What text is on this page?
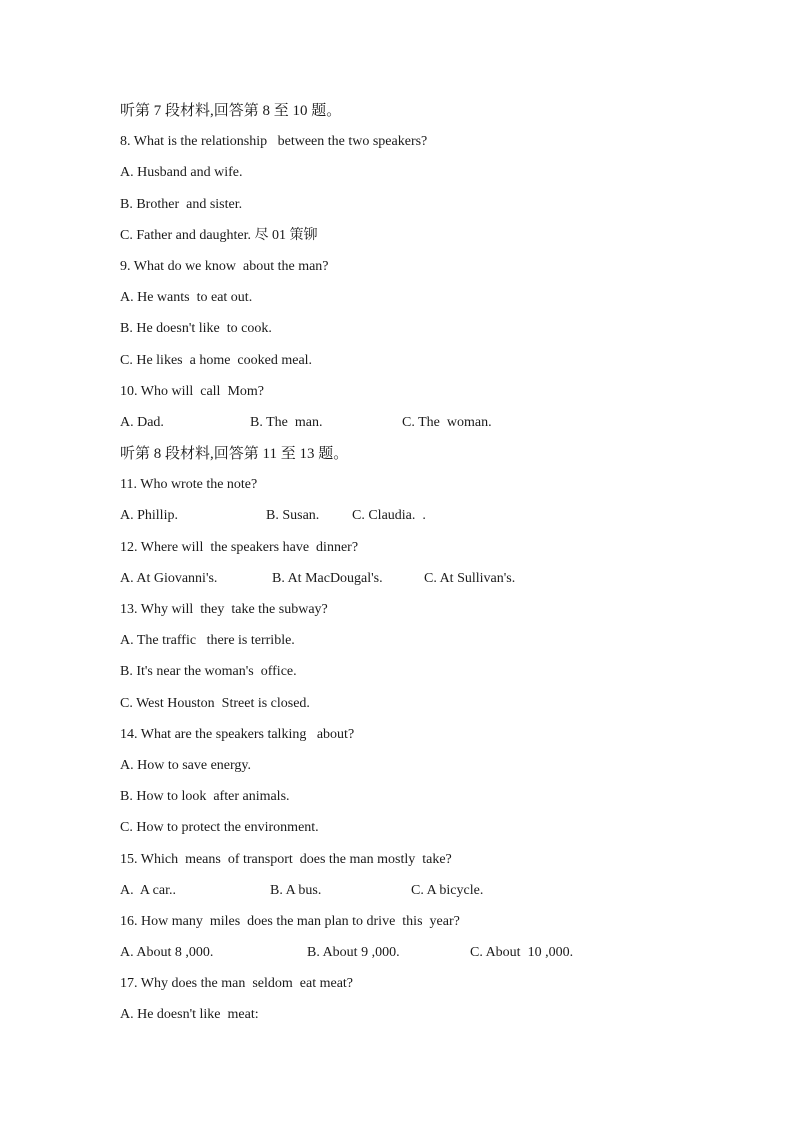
听第 7 段材料,回答第 8 至 10 题。
8. What is the relationship   between the two speakers?
A. Husband and wife.
B. Brother  and sister.
C. Father and daughter. 尽 01 策铆
9. What do we know  about the man?
A. He wants  to eat out.
B. He doesn't like  to cook.
C. He likes  a home  cooked meal.
10. Who will  call  Mom?
A. Dad.	B. The  man.	C. The  woman.
听第 8 段材料,回答第 11 至 13 题。
11. Who wrote the note?
A. Phillip.	B. Susan.	C. Claudia.  .
12. Where will  the speakers have  dinner?
A. At Giovanni's.	B. At MacDougal's.	C. At Sullivan's.
13. Why will  they  take the subway?
A. The traffic   there is terrible.
B. It's near the woman's  office.
C. West Houston  Street is closed.
14. What are the speakers talking   about?
A. How to save energy.
B. How to look  after animals.
C. How to protect the environment.
15. Which  means  of transport  does the man mostly  take?
A.  A car..	B. A bus.	C. A bicycle.
16. How many  miles  does the man plan to drive  this  year?
A. About 8 ,000.	B. About 9 ,000.	C. About  10 ,000.
17. Why does the man  seldom  eat meat?
A. He doesn't like  meat:
